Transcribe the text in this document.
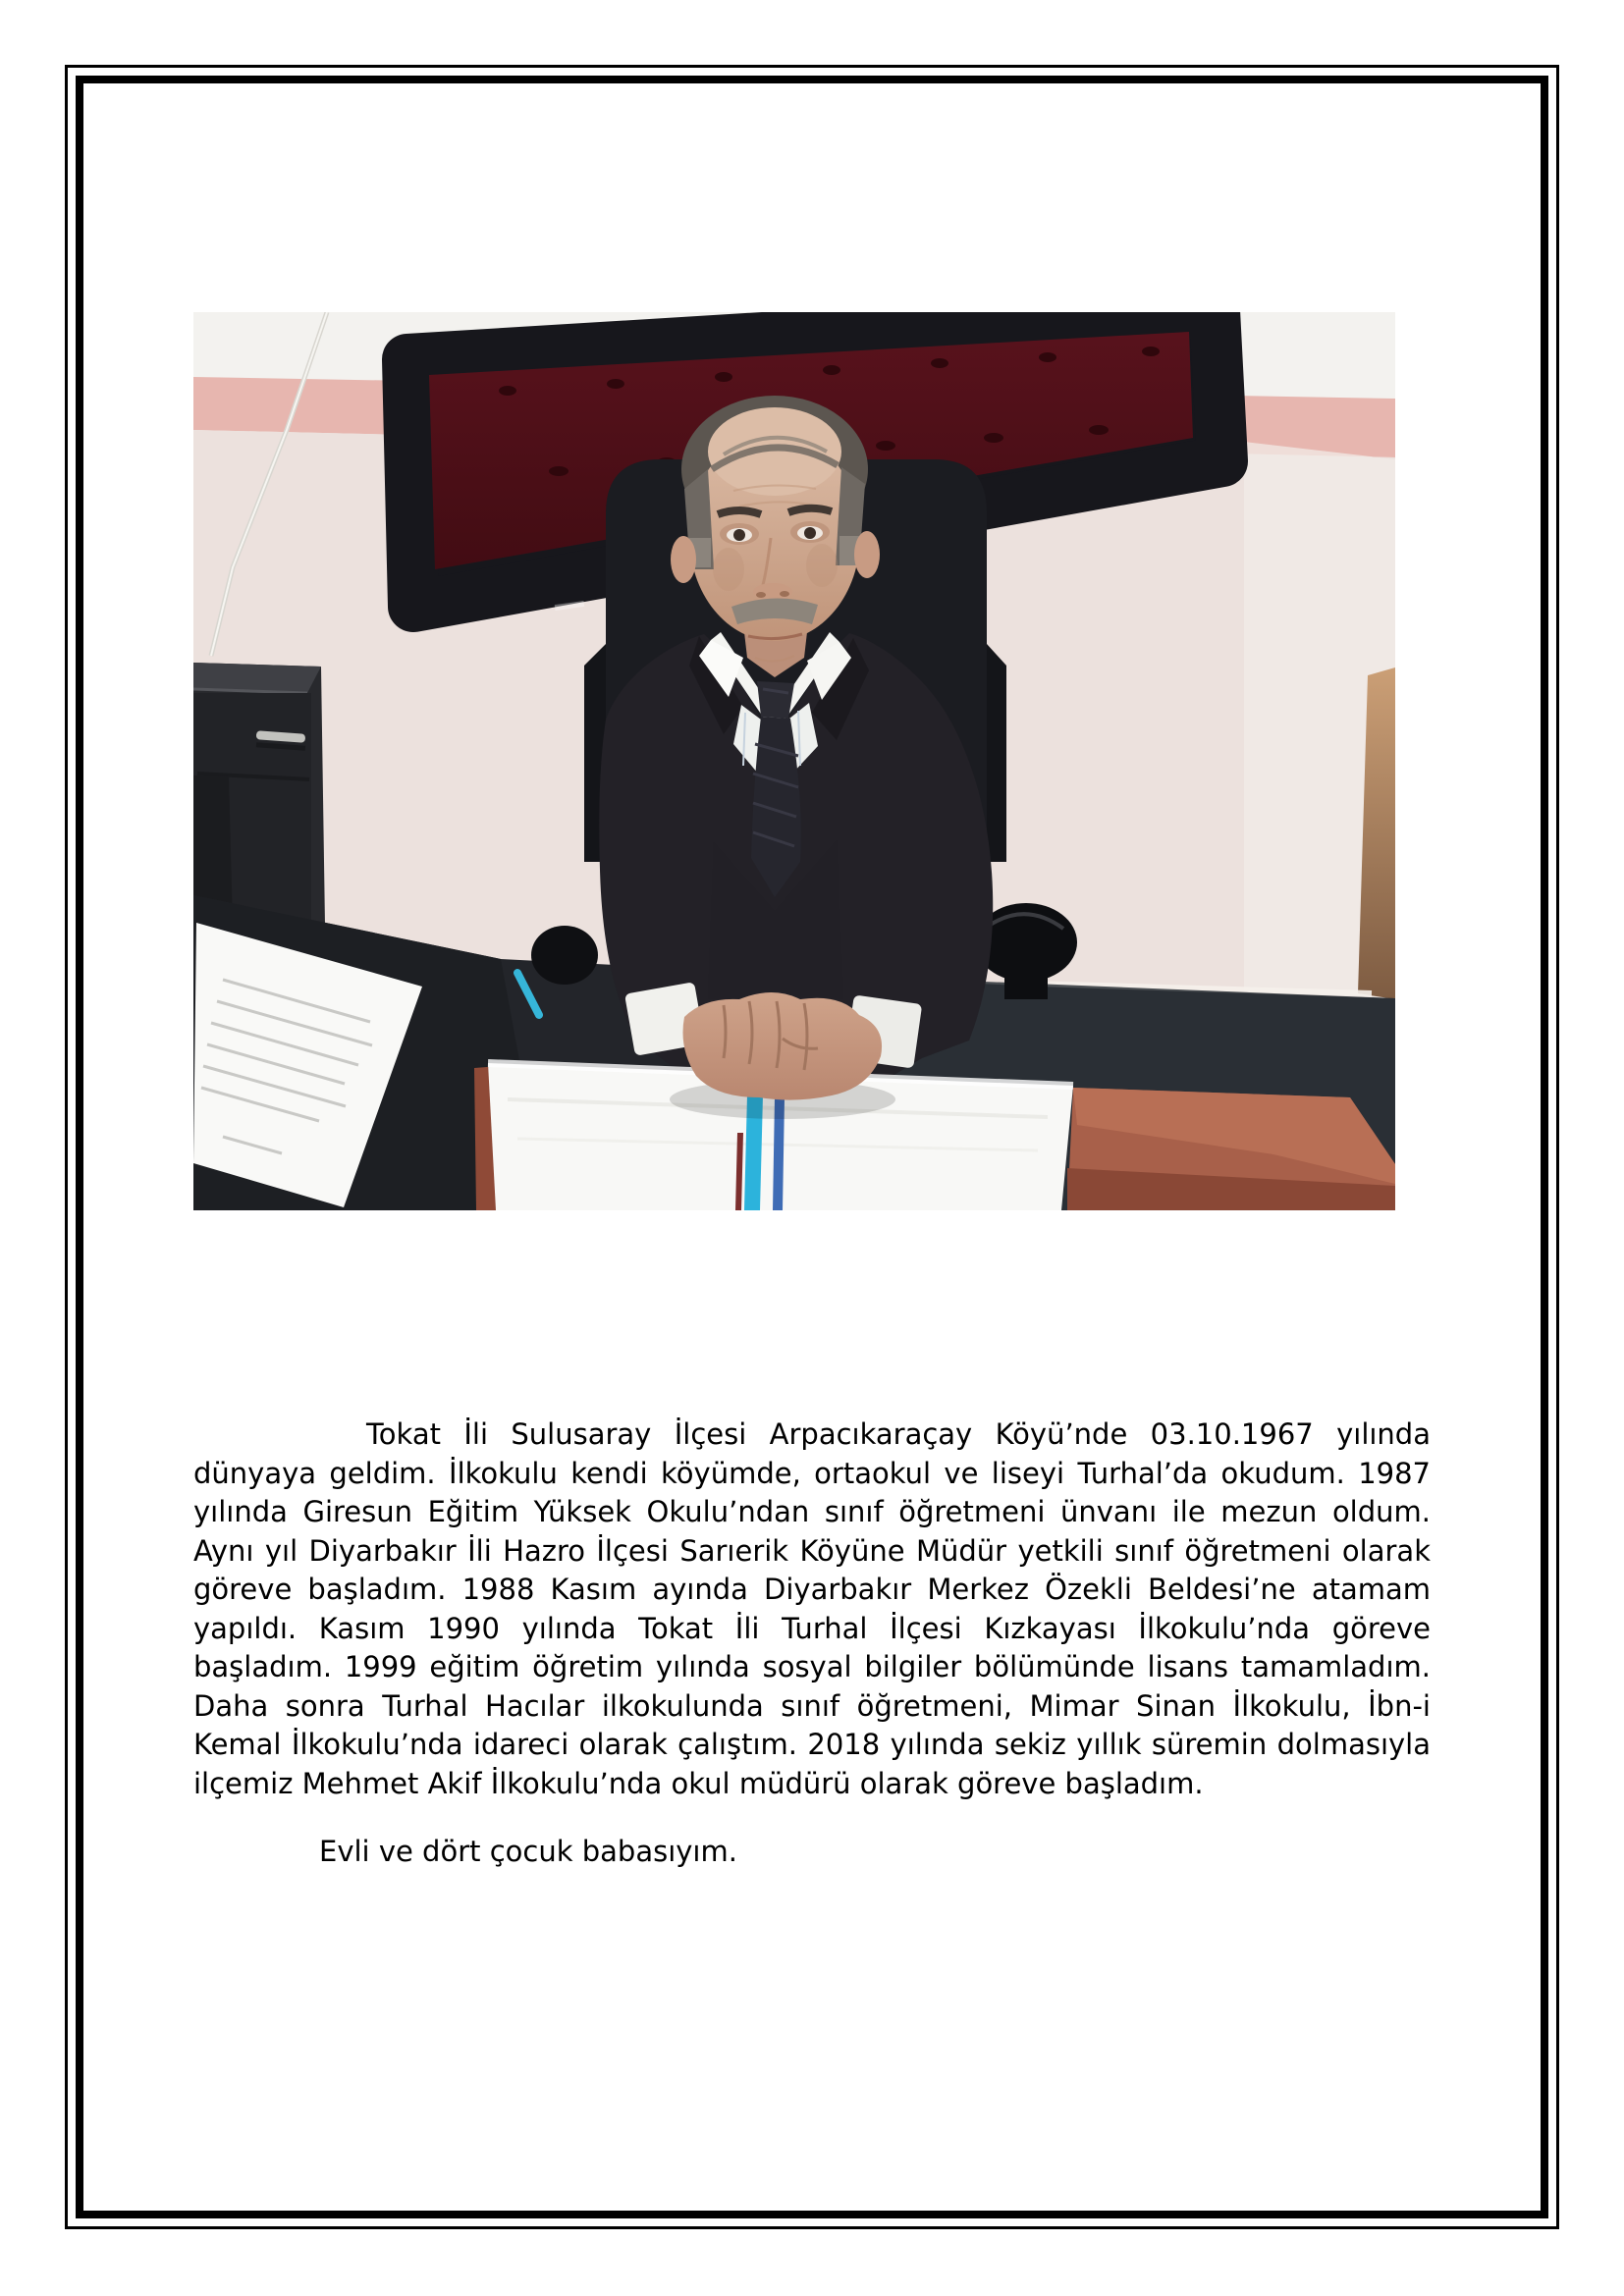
Tokat İli Sulusaray İlçesi Arpacıkaraçay Köyü’nde 03.10.1967 yılında dünyaya geldim. İlkokulu kendi köyümde, ortaokul ve liseyi Turhal’da okudum. 1987 yılında Giresun Eğitim Yüksek Okulu’ndan sınıf öğretmeni ünvanı ile mezun oldum. Aynı yıl Diyarbakır İli Hazro İlçesi Sarıerik Köyüne Müdür yetkili sınıf öğretmeni olarak göreve başladım. 1988 Kasım ayında Diyarbakır Merkez Özekli Beldesi’ne atamam yapıldı. Kasım 1990 yılında Tokat İli Turhal İlçesi Kızkayası İlkokulu’nda göreve başladım. 1999 eğitim öğretim yılında sosyal bilgiler bölümünde lisans tamamladım. Daha sonra Turhal Hacılar ilkokulunda sınıf öğretmeni, Mimar Sinan İlkokulu, İbn-i Kemal İlkokulu’nda idareci olarak çalıştım. 2018 yılında sekiz yıllık süremin dolmasıyla ilçemiz Mehmet Akif İlkokulu’nda okul müdürü olarak göreve başladım.

Evli ve dört çocuk babasıyım.
